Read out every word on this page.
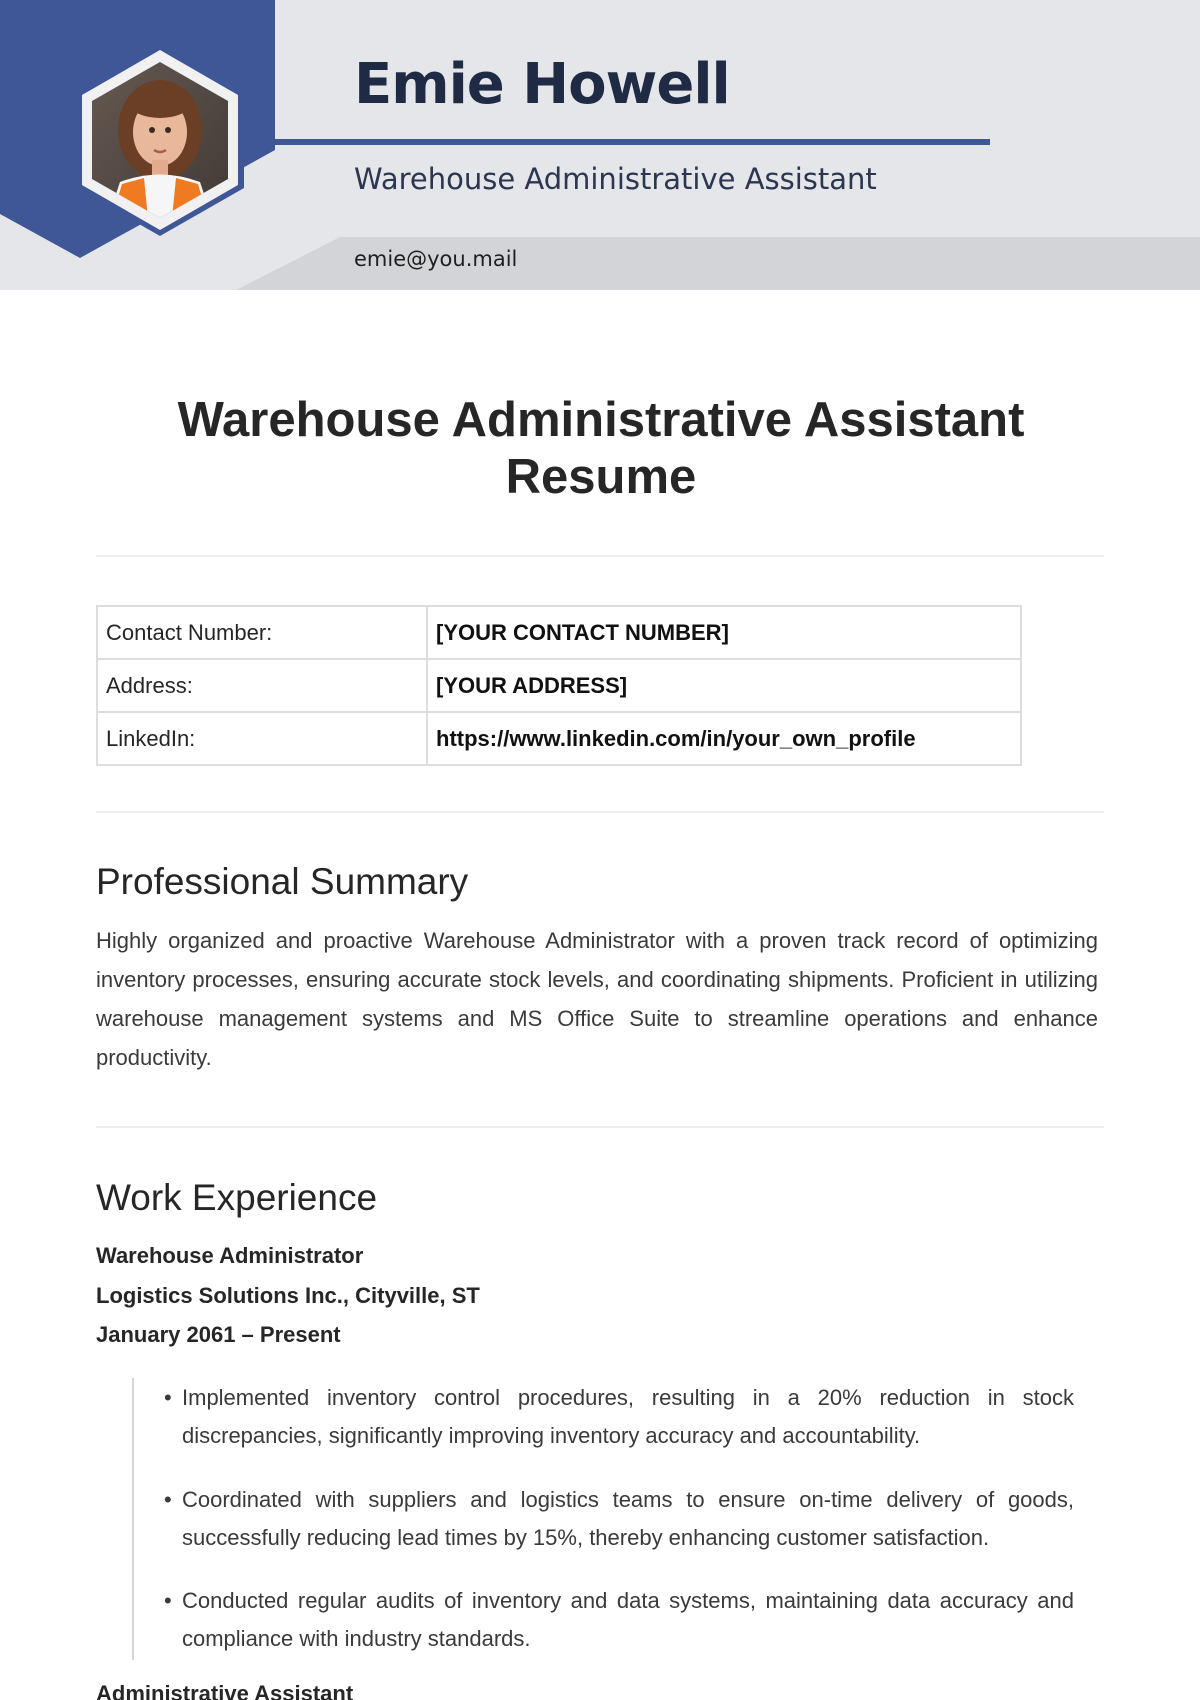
Emie Howell
Warehouse Administrative Assistant
emie@you.mail
Warehouse Administrative Assistant
Resume
Contact Number:	[YOUR CONTACT NUMBER]
Address:	[YOUR ADDRESS]
LinkedIn:	https://www.linkedin.com/in/your_own_profile
Professional Summary
Highly organized and proactive Warehouse Administrator with a proven track record of optimizing inventory processes, ensuring accurate stock levels, and coordinating shipments. Proficient in utilizing warehouse management systems and MS Office Suite to streamline operations and enhance productivity.
Work Experience
Warehouse Administrator
Logistics Solutions Inc., Cityville, ST
January 2061 – Present
• Implemented inventory control procedures, resulting in a 20% reduction in stock discrepancies, significantly improving inventory accuracy and accountability.
• Coordinated with suppliers and logistics teams to ensure on-time delivery of goods, successfully reducing lead times by 15%, thereby enhancing customer satisfaction.
• Conducted regular audits of inventory and data systems, maintaining data accuracy and compliance with industry standards.
Administrative Assistant
